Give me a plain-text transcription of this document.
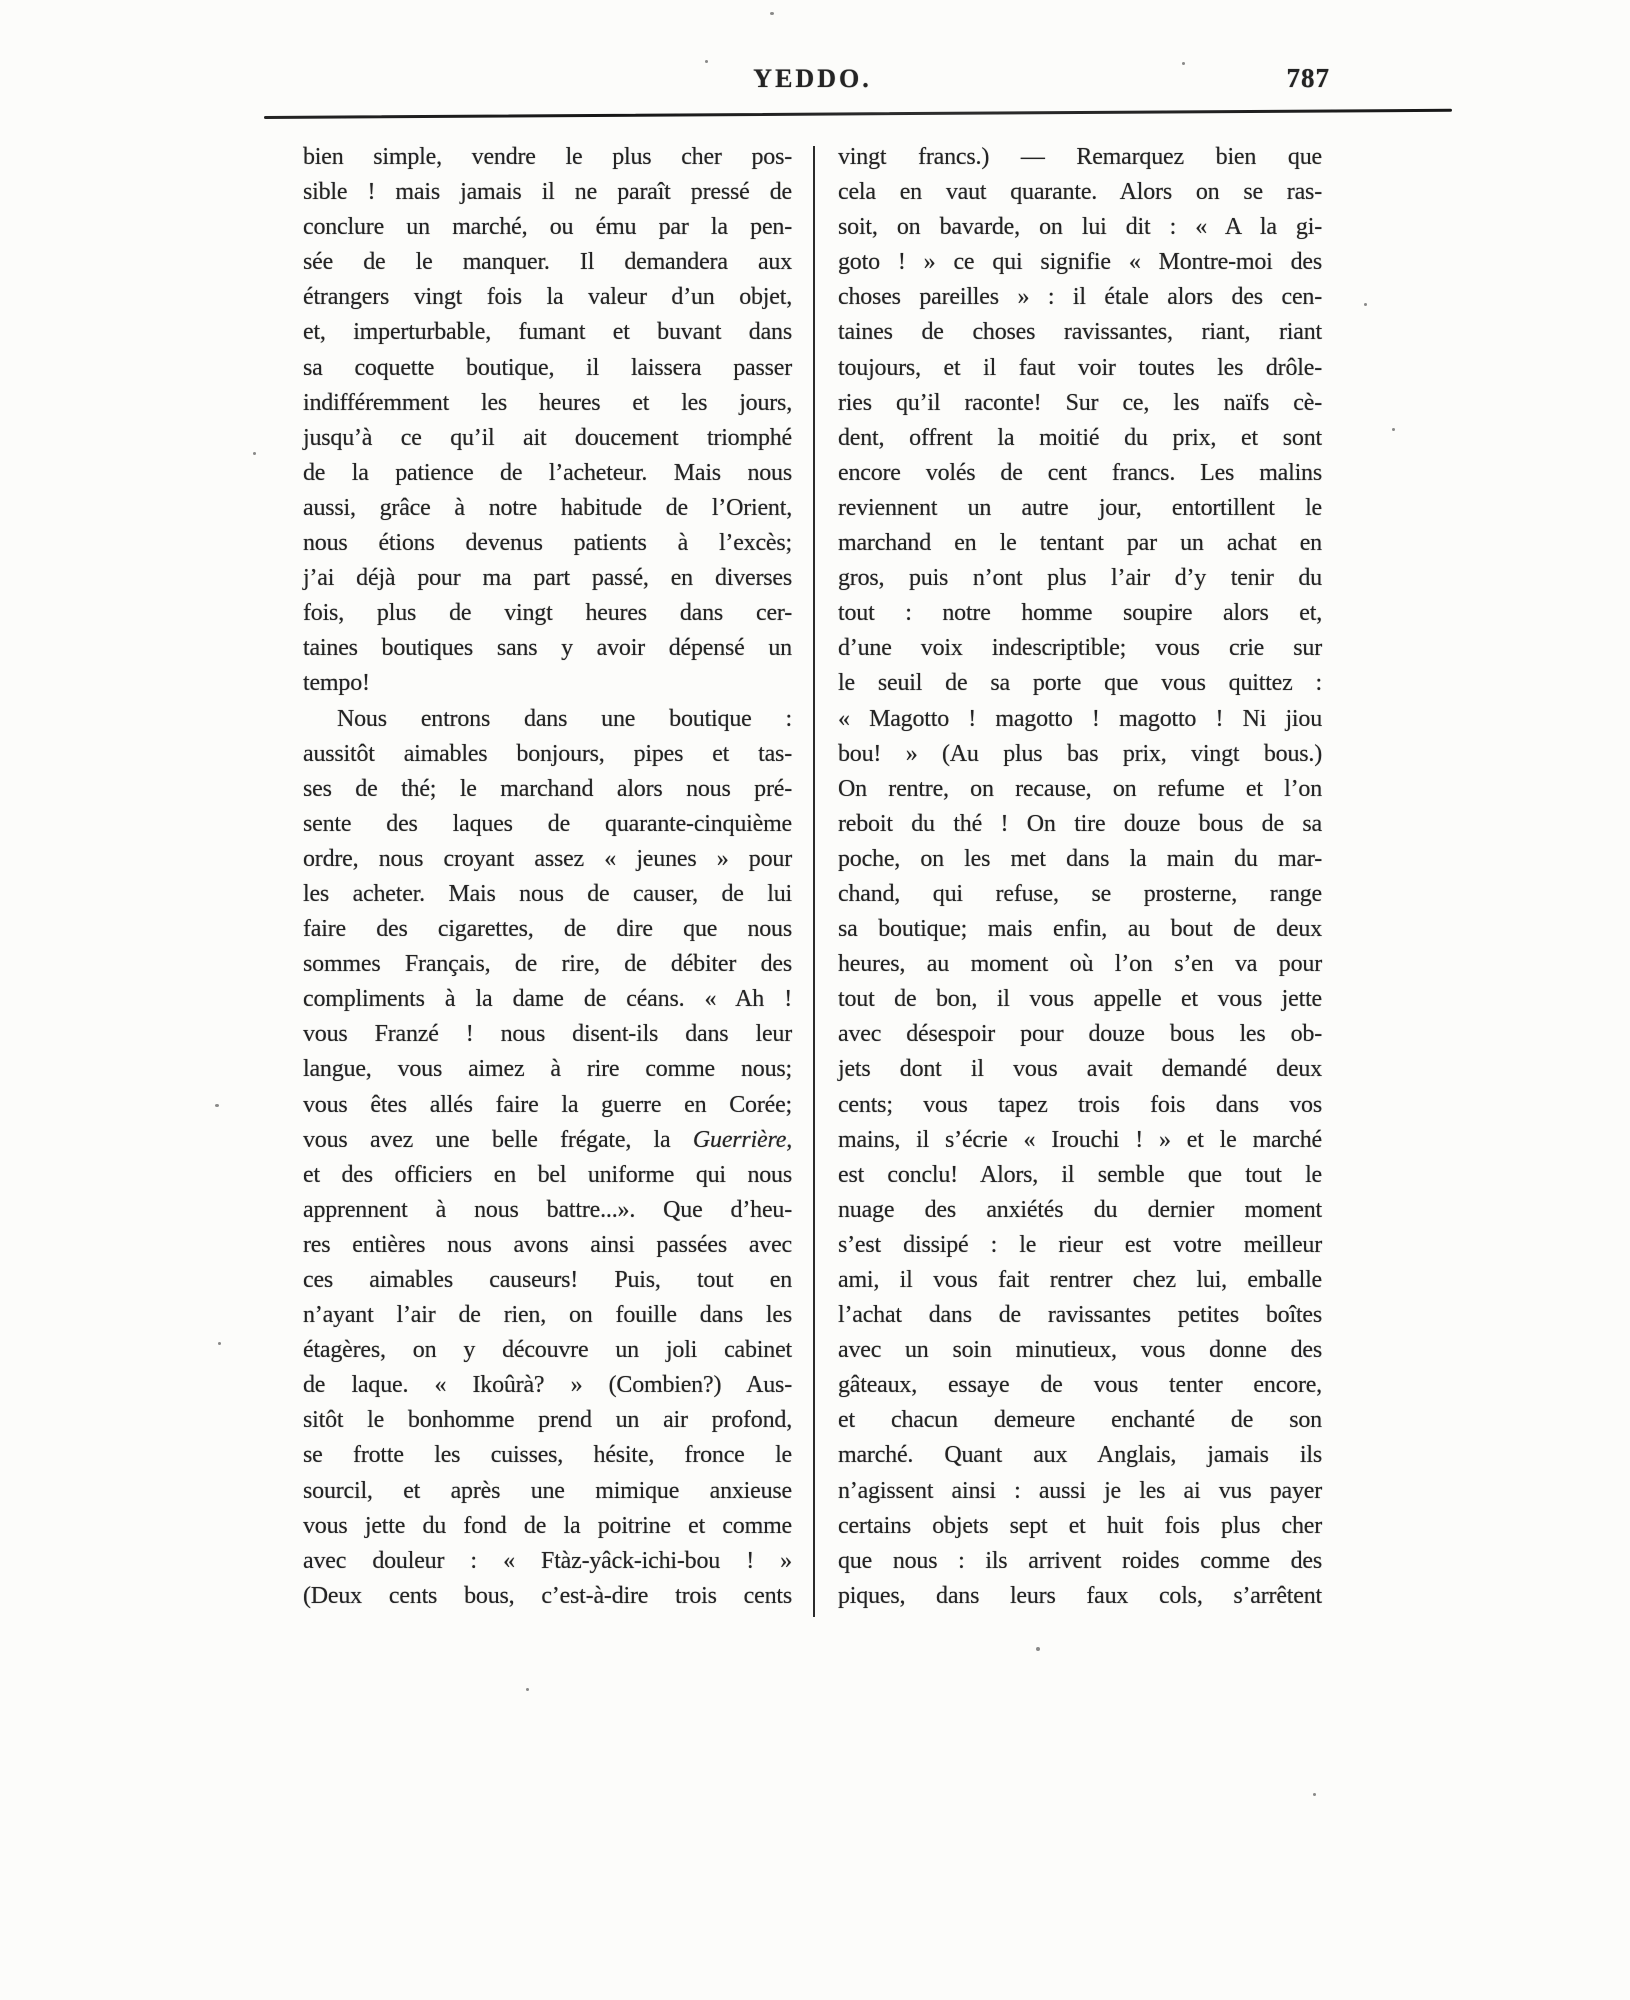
YEDDO.	787
bien simple, vendre le plus cher pos-
sible ! mais jamais il ne paraît pressé de
conclure un marché, ou ému par la pen-
sée de le manquer. Il demandera aux
étrangers vingt fois la valeur d’un objet,
et, imperturbable, fumant et buvant dans
sa coquette boutique, il laissera passer
indifféremment les heures et les jours,
jusqu’à ce qu’il ait doucement triomphé
de la patience de l’acheteur. Mais nous
aussi, grâce à notre habitude de l’Orient,
nous étions devenus patients à l’excès;
j’ai déjà pour ma part passé, en diverses
fois, plus de vingt heures dans cer-
taines boutiques sans y avoir dépensé un
tempo!
Nous entrons dans une boutique :
aussitôt aimables bonjours, pipes et tas-
ses de thé; le marchand alors nous pré-
sente des laques de quarante-cinquième
ordre, nous croyant assez « jeunes » pour
les acheter. Mais nous de causer, de lui
faire des cigarettes, de dire que nous
sommes Français, de rire, de débiter des
compliments à la dame de céans. « Ah !
vous Franzé ! nous disent-ils dans leur
langue, vous aimez à rire comme nous;
vous êtes allés faire la guerre en Corée;
vous avez une belle frégate, la Guerrière,
et des officiers en bel uniforme qui nous
apprennent à nous battre...». Que d’heu-
res entières nous avons ainsi passées avec
ces aimables causeurs! Puis, tout en
n’ayant l’air de rien, on fouille dans les
étagères, on y découvre un joli cabinet
de laque. « Ikoûrà? » (Combien?) Aus-
sitôt le bonhomme prend un air profond,
se frotte les cuisses, hésite, fronce le
sourcil, et après une mimique anxieuse
vous jette du fond de la poitrine et comme
avec douleur : « Ftàz-yâck-ichi-bou ! »
(Deux cents bous, c’est-à-dire trois cents
vingt francs.) — Remarquez bien que
cela en vaut quarante. Alors on se ras-
soit, on bavarde, on lui dit : « A la gi-
goto ! » ce qui signifie « Montre-moi des
choses pareilles » : il étale alors des cen-
taines de choses ravissantes, riant, riant
toujours, et il faut voir toutes les drôle-
ries qu’il raconte! Sur ce, les naïfs cè-
dent, offrent la moitié du prix, et sont
encore volés de cent francs. Les malins
reviennent un autre jour, entortillent le
marchand en le tentant par un achat en
gros, puis n’ont plus l’air d’y tenir du
tout : notre homme soupire alors et,
d’une voix indescriptible; vous crie sur
le seuil de sa porte que vous quittez :
« Magotto ! magotto ! magotto ! Ni jiou
bou! » (Au plus bas prix, vingt bous.)
On rentre, on recause, on refume et l’on
reboit du thé ! On tire douze bous de sa
poche, on les met dans la main du mar-
chand, qui refuse, se prosterne, range
sa boutique; mais enfin, au bout de deux
heures, au moment où l’on s’en va pour
tout de bon, il vous appelle et vous jette
avec désespoir pour douze bous les ob-
jets dont il vous avait demandé deux
cents; vous tapez trois fois dans vos
mains, il s’écrie « Irouchi ! » et le marché
est conclu! Alors, il semble que tout le
nuage des anxiétés du dernier moment
s’est dissipé : le rieur est votre meilleur
ami, il vous fait rentrer chez lui, emballe
l’achat dans de ravissantes petites boîtes
avec un soin minutieux, vous donne des
gâteaux, essaye de vous tenter encore,
et chacun demeure enchanté de son
marché. Quant aux Anglais, jamais ils
n’agissent ainsi : aussi je les ai vus payer
certains objets sept et huit fois plus cher
que nous : ils arrivent roides comme des
piques, dans leurs faux cols, s’arrêtent
